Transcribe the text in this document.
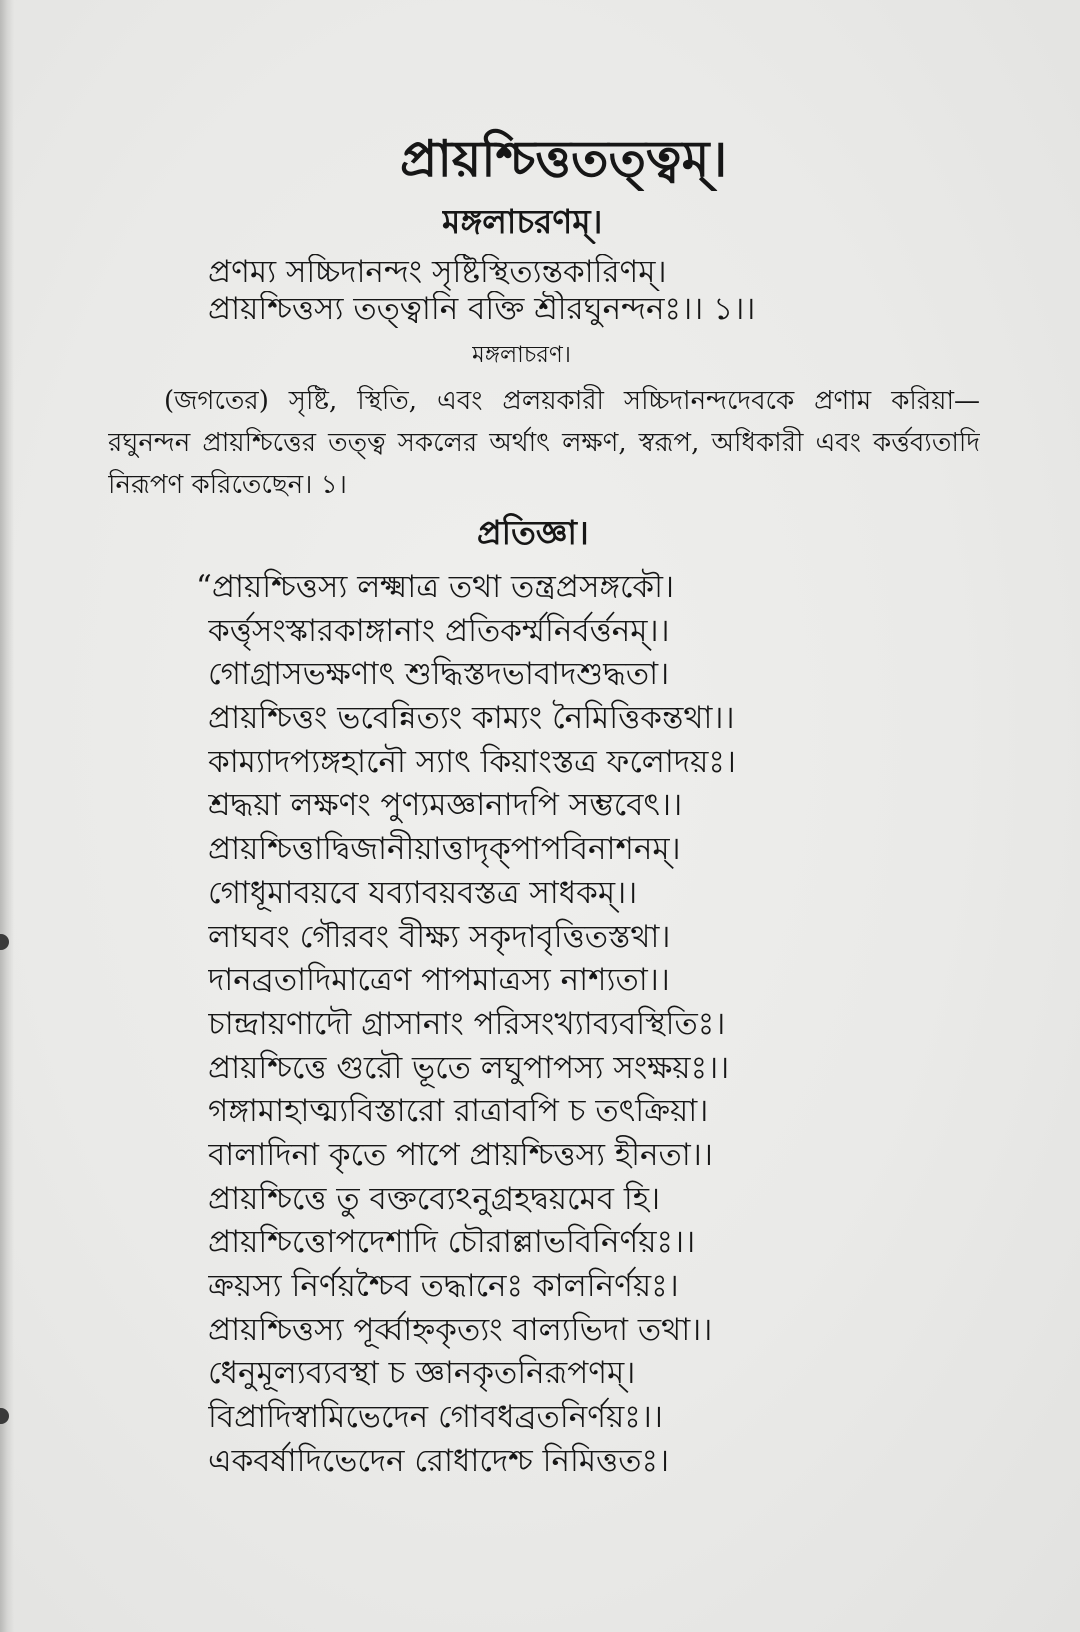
প্রায়শ্চিত্ততত্ত্বম্।
মঙ্গলাচরণম্।
প্রণম্য সচ্চিদানন্দং সৃষ্টিস্থিত্যন্তকারিণম্।
প্রায়শ্চিত্তস্য তত্ত্বানি বক্তি শ্রীরঘুনন্দনঃ।। ১।।
মঙ্গলাচরণ।
(জগতের) সৃষ্টি, স্থিতি, এবং প্রলয়কারী সচ্চিদানন্দদেবকে প্রণাম করিয়া—
রঘুনন্দন প্রায়শ্চিত্তের তত্ত্ব সকলের অর্থাৎ লক্ষণ, স্বরূপ, অধিকারী এবং কর্ত্তব্যতাদি
নিরূপণ করিতেছেন। ১।
প্রতিজ্ঞা।
“প্রায়শ্চিত্তস্য লক্ষ্মাত্র তথা তন্ত্রপ্রসঙ্গকৌ।
কর্ত্তৃসংস্কারকাঙ্গানাং প্রতিকর্ম্মনির্বর্ত্তনম্।।
গোগ্রাসভক্ষণাৎ শুদ্ধিস্তদভাবাদশুদ্ধতা।
প্রায়শ্চিত্তং ভবেন্নিত্যং কাম্যং নৈমিত্তিকন্তথা।।
কাম্যাদপ্যঙ্গহানৌ স্যাৎ কিয়াংস্তত্র ফলোদয়ঃ।
শ্রদ্ধয়া লক্ষণং পুণ্যমজ্ঞানাদপি সম্ভবেৎ।।
প্রায়শ্চিত্তাদ্বিজানীয়াত্তাদৃক্পাপবিনাশনম্।
গোধূমাবয়বে যব্যাবয়বস্তত্র সাধকম্।।
লাঘবং গৌরবং বীক্ষ্য সকৃদাবৃত্তিতস্তথা।
দানব্রতাদিমাত্রেণ পাপমাত্রস্য নাশ্যতা।।
চান্দ্রায়ণাদৌ গ্রাসানাং পরিসংখ্যাব্যবস্থিতিঃ।
প্রায়শ্চিত্তে গুরৌ ভূতে লঘুপাপস্য সংক্ষয়ঃ।।
গঙ্গামাহাত্ম্যবিস্তারো রাত্রাবপি চ তৎক্রিয়া।
বালাদিনা কৃতে পাপে প্রায়শ্চিত্তস্য হীনতা।।
প্রায়শ্চিত্তে তু বক্তব্যেঽনুগ্রহদ্বয়মেব হি।
প্রায়শ্চিত্তোপদেশাদি চৌরাল্লাভবিনির্ণয়ঃ।।
ক্রয়স্য নির্ণয়শ্চৈব তদ্ধানেঃ কালনির্ণয়ঃ।
প্রায়শ্চিত্তস্য পূর্ব্বাহ্নকৃত্যং বাল্যভিদা তথা।।
ধেনুমূল্যব্যবস্থা চ জ্ঞানকৃতনিরূপণম্।
বিপ্রাদিস্বামিভেদেন গোবধব্রতনির্ণয়ঃ।।
একবর্ষাদিভেদেন রোধাদেশ্চ নিমিত্ততঃ।
